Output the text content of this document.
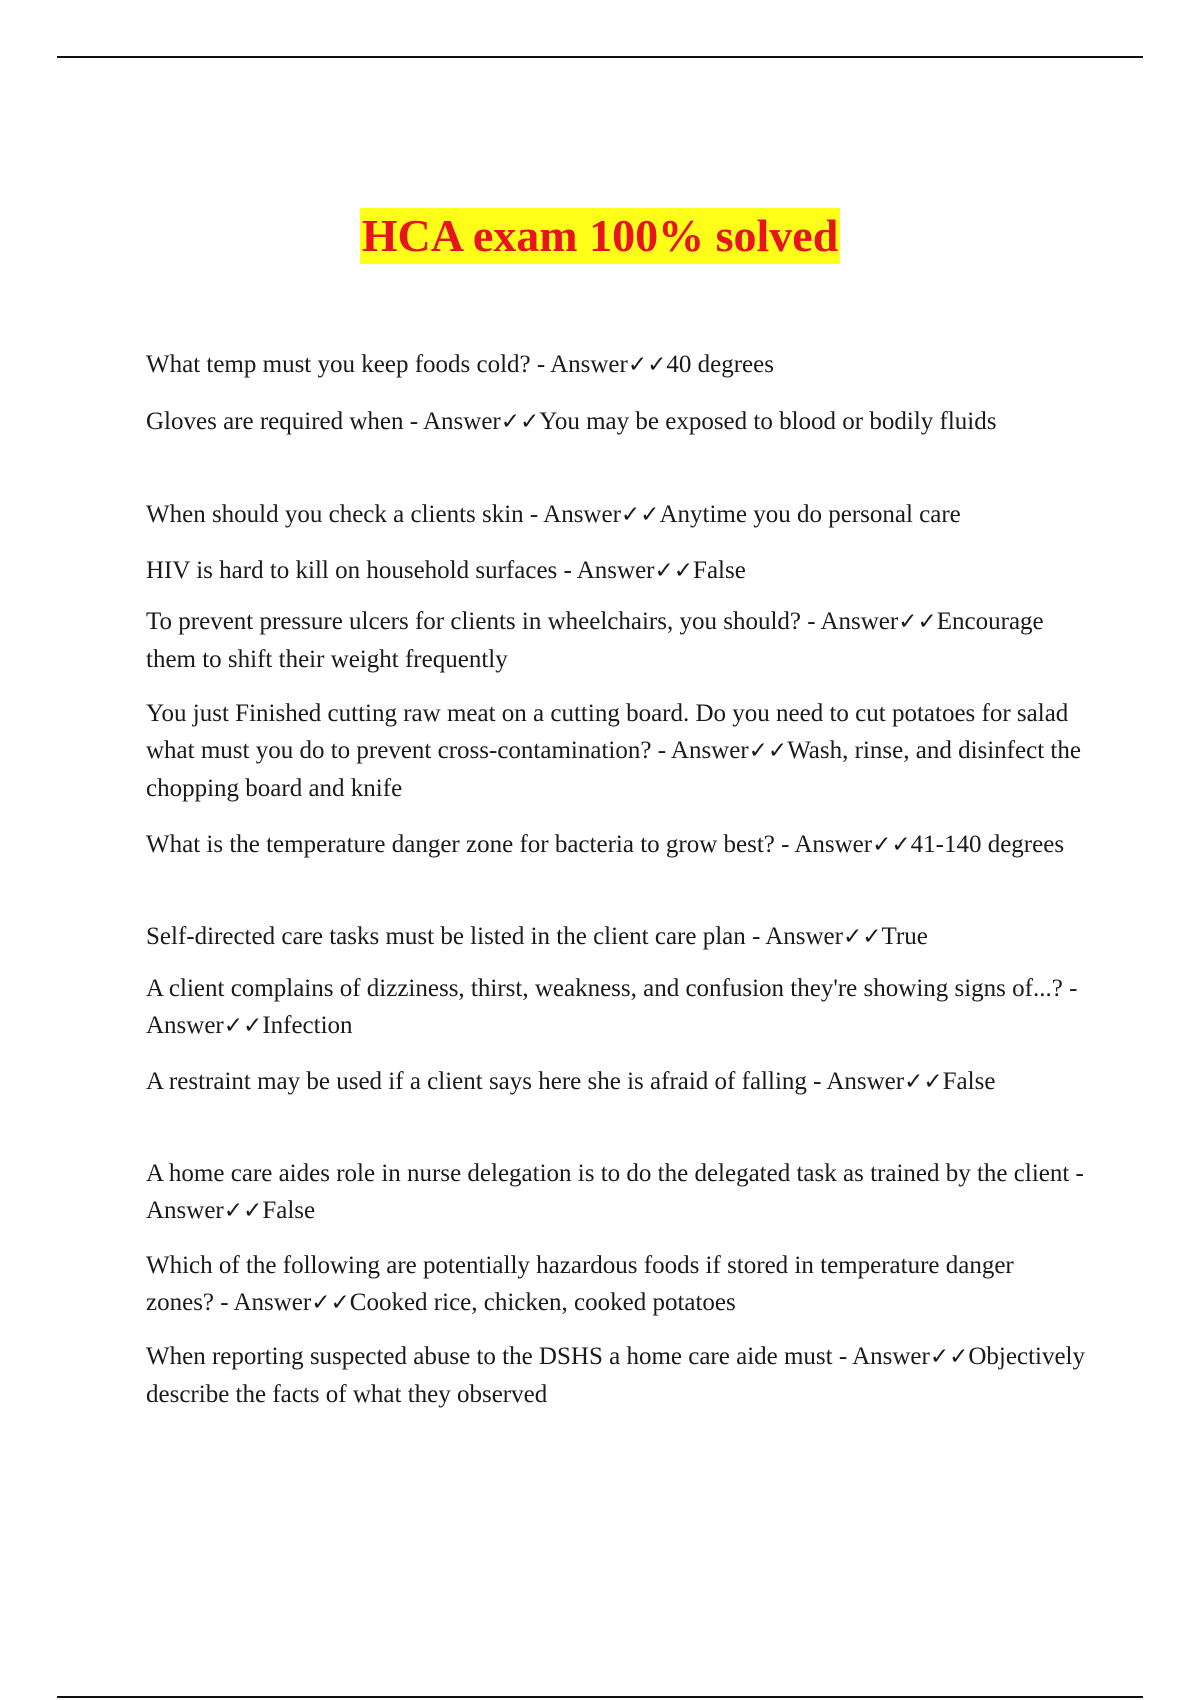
HCA exam 100% solved

What temp must you keep foods cold? - Answer✓✓40 degrees

Gloves are required when - Answer✓✓You may be exposed to blood or bodily fluids

When should you check a clients skin - Answer✓✓Anytime you do personal care

HIV is hard to kill on household surfaces - Answer✓✓False

To prevent pressure ulcers for clients in wheelchairs, you should? - Answer✓✓Encourage them to shift their weight frequently

You just Finished cutting raw meat on a cutting board. Do you need to cut potatoes for salad what must you do to prevent cross-contamination? - Answer✓✓Wash, rinse, and disinfect the chopping board and knife

What is the temperature danger zone for bacteria to grow best? - Answer✓✓41-140 degrees

Self-directed care tasks must be listed in the client care plan - Answer✓✓True

A client complains of dizziness, thirst, weakness, and confusion they're showing signs of...? - Answer✓✓Infection

A restraint may be used if a client says here she is afraid of falling - Answer✓✓False

A home care aides role in nurse delegation is to do the delegated task as trained by the client - Answer✓✓False

Which of the following are potentially hazardous foods if stored in temperature danger zones? - Answer✓✓Cooked rice, chicken, cooked potatoes

When reporting suspected abuse to the DSHS a home care aide must - Answer✓✓Objectively describe the facts of what they observed
